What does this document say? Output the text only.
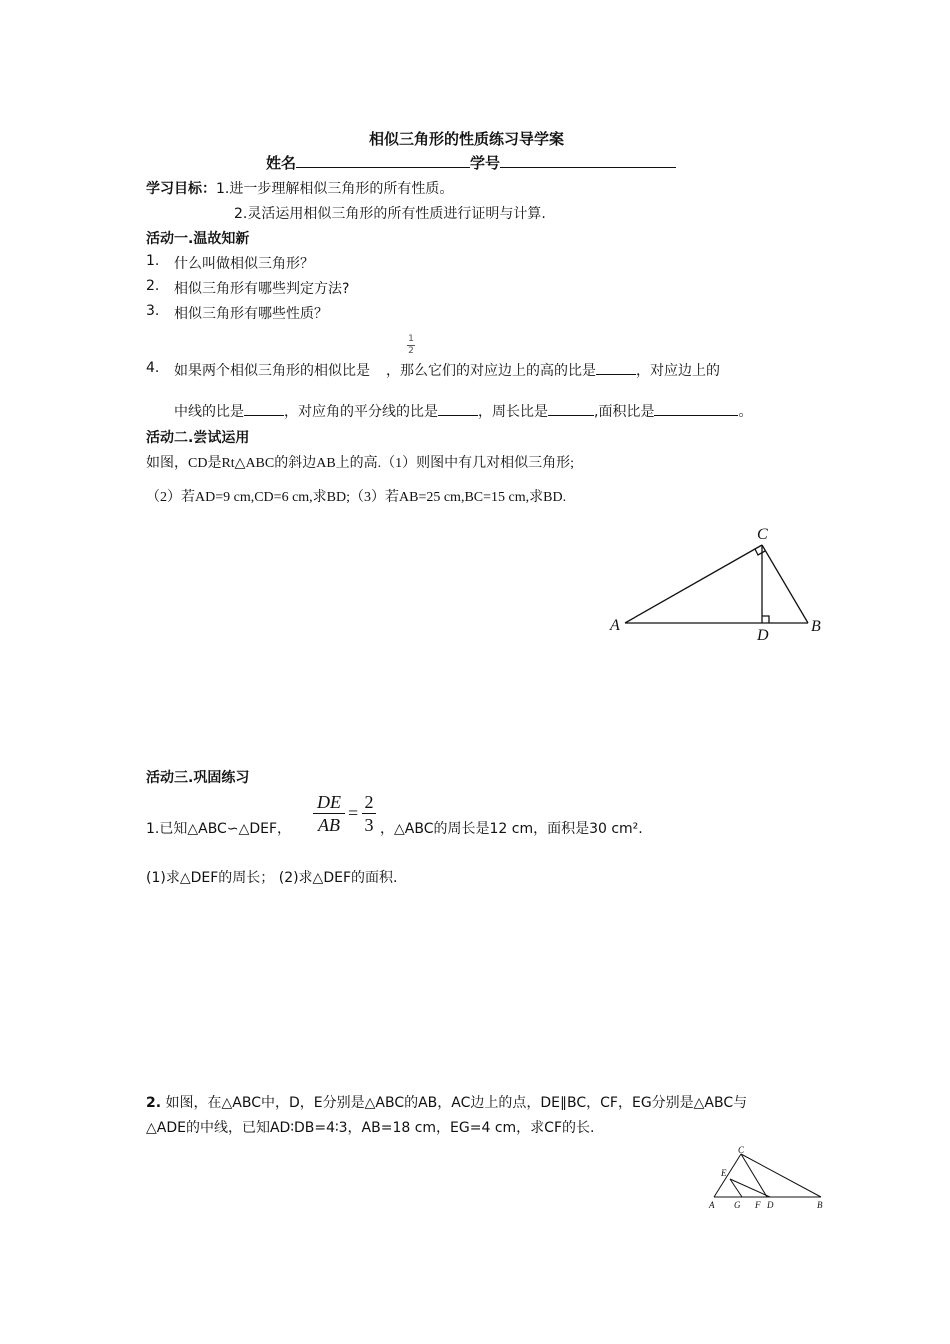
相似三角形的性质练习导学案
姓名	学号
学习目标：1.进一步理解相似三角形的所有性质。
2.灵活运用相似三角形的所有性质进行证明与计算.
活动一.温故知新
1. 什么叫做相似三角形？
2. 相似三角形有哪些判定方法?
3. 相似三角形有哪些性质？
1
2
4. 如果两个相似三角形的相似比是 ，那么它们的对应边上的高的比是	，对应边上的
中线的比是	，对应角的平分线的比是	，周长比是	,面积比是	。
活动二.尝试运用
如图，CD是Rt△ABC的斜边AB上的高.（1）则图中有几对相似三角形;
（2）若AD=9 cm,CD=6 cm,求BD;（3）若AB=25 cm,BC=15 cm,求BD.
A	B
C
D
活动三.巩固练习
1.已知△ABC∽△DEF，
DE
AB
=
2
3 ，△ABC的周长是12 cm，面积是30 cm².
(1)求△DEF的周长； (2)求△DEF的面积.
2. 如图，在△ABC中，D，E分别是△ABC的AB，AC边上的点，DE∥BC，CF，EG分别是△ABC与
△ADE的中线，已知AD∶DB=4∶3，AB=18 cm，EG=4 cm，求CF的长.
A G F D	B
C
E
